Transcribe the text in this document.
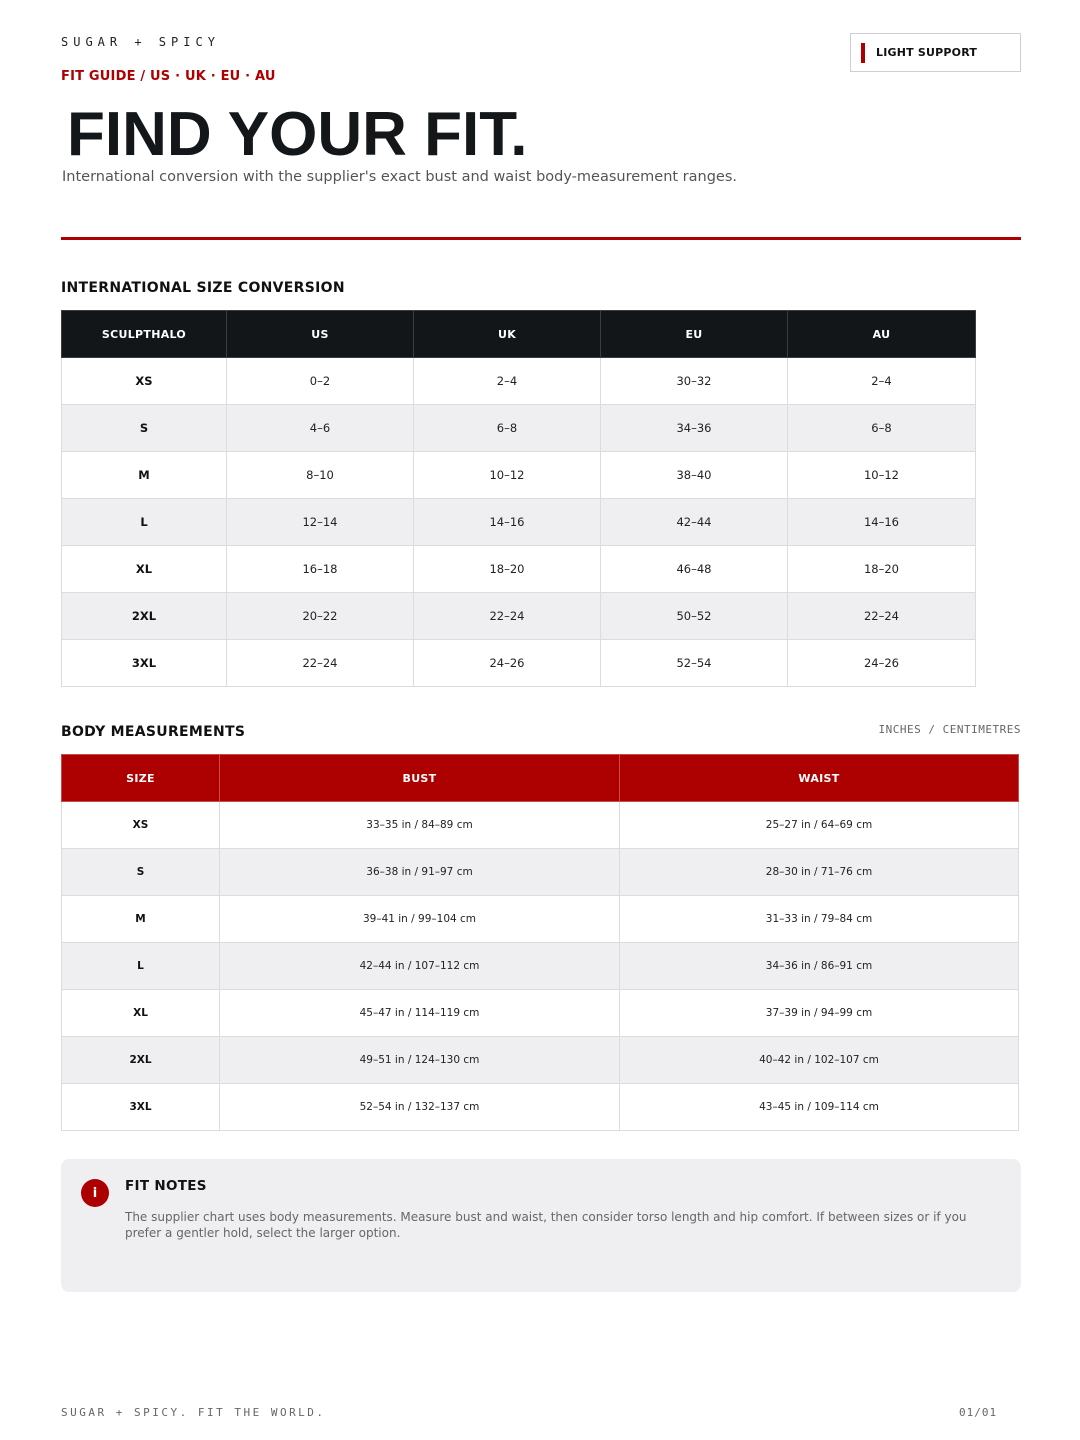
SUGAR + SPICY
FIT GUIDE / US · UK · EU · AU
LIGHT SUPPORT
FIND YOUR FIT.

International conversion with the supplier's exact bust and waist body-measurement ranges.

INTERNATIONAL SIZE CONVERSION
SCULPTHALO	US	UK	EU	AU
XS	0–2	2–4	30–32	2–4
S	4–6	6–8	34–36	6–8
M	8–10	10–12	38–40	10–12
L	12–14	14–16	42–44	14–16
XL	16–18	18–20	46–48	18–20
2XL	20–22	22–24	50–52	22–24
3XL	22–24	24–26	52–54	24–26
BODY MEASUREMENTS	INCHES / CENTIMETRES
SIZE	BUST	WAIST
XS	33–35 in / 84–89 cm	25–27 in / 64–69 cm
S	36–38 in / 91–97 cm	28–30 in / 71–76 cm
M	39–41 in / 99–104 cm	31–33 in / 79–84 cm
L	42–44 in / 107–112 cm	34–36 in / 86–91 cm
XL	45–47 in / 114–119 cm	37–39 in / 94–99 cm
2XL	49–51 in / 124–130 cm	40–42 in / 102–107 cm
3XL	52–54 in / 132–137 cm	43–45 in / 109–114 cm
i	FIT NOTES

The supplier chart uses body measurements. Measure bust and waist, then consider torso length and hip comfort. If between sizes or if you prefer a gentler hold, select the larger option.

SUGAR + SPICY. FIT THE WORLD.	01/01
